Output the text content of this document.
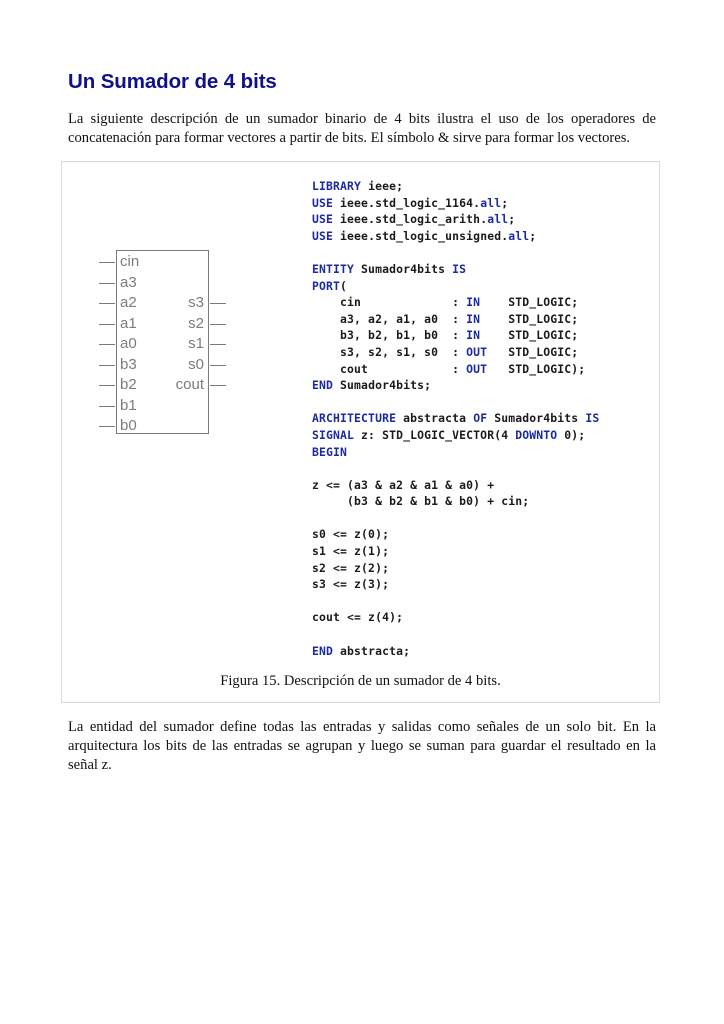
Un Sumador de 4 bits

La siguiente descripción de un sumador binario de 4 bits ilustra el uso de los operadores de concatenación para formar vectores a partir de bits. El símbolo & sirve para formar los vectores.

cin
a3
a2
a1
a0
b3
b2
b1
b0
s3
s2
s1
s0
cout
LIBRARY ieee;
USE ieee.std_logic_1164.all;
USE ieee.std_logic_arith.all;
USE ieee.std_logic_unsigned.all;

ENTITY Sumador4bits IS
PORT(
cin             : IN    STD_LOGIC;
a3, a2, a1, a0  : IN    STD_LOGIC;
b3, b2, b1, b0  : IN    STD_LOGIC;
s3, s2, s1, s0  : OUT   STD_LOGIC;
cout            : OUT   STD_LOGIC);
END Sumador4bits;

ARCHITECTURE abstracta OF Sumador4bits IS
SIGNAL z: STD_LOGIC_VECTOR(4 DOWNTO 0);
BEGIN

z <= (a3 & a2 & a1 & a0) +
(b3 & b2 & b1 & b0) + cin;

s0 <= z(0);
s1 <= z(1);
s2 <= z(2);
s3 <= z(3);

cout <= z(4);

END abstracta;

Figura 15. Descripción de un sumador de 4 bits.

La entidad del sumador define todas las entradas y salidas como señales de un solo bit. En la arquitectura los bits de las entradas se agrupan y luego se suman para guardar el resultado en la señal z.
